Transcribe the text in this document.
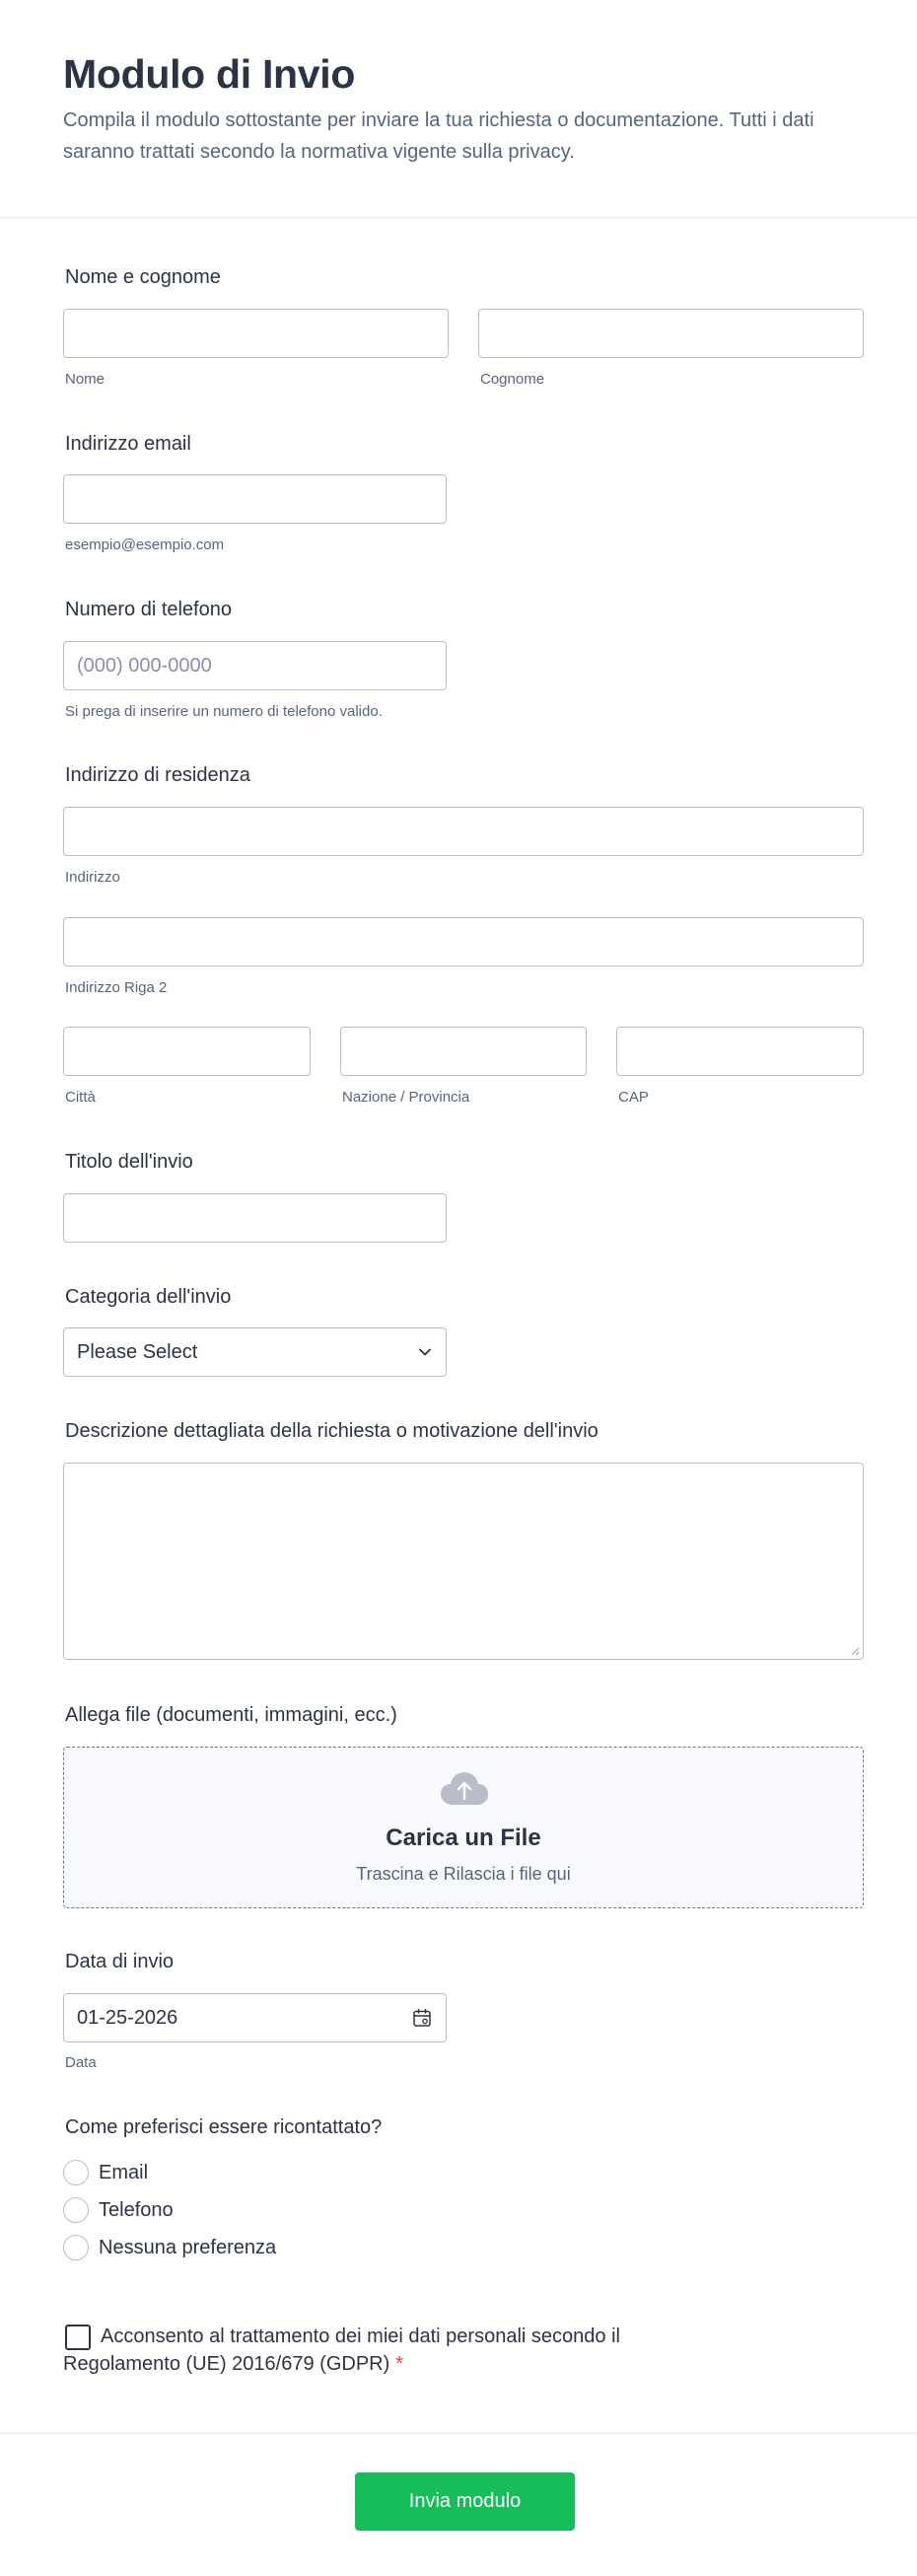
Modulo di Invio

Compila il modulo sottostante per inviare la tua richiesta o documentazione. Tutti i dati saranno trattati secondo la normativa vigente sulla privacy.

Nome e cognome
Nome	Cognome
Indirizzo email
esempio@esempio.com
Numero di telefono
(000) 000-0000
Si prega di inserire un numero di telefono valido.
Indirizzo di residenza
Indirizzo
Indirizzo Riga 2
Città	Nazione / Provincia	CAP
Titolo dell'invio
Categoria dell'invio
Please Select
Descrizione dettagliata della richiesta o motivazione dell'invio
Allega file (documenti, immagini, ecc.)
Carica un File
Trascina e Rilascia i file qui
Data di invio
01-25-2026
Data
Come preferisci essere ricontattato?
Email
Telefono
Nessuna preferenza
Acconsento al trattamento dei miei dati personali secondo il Regolamento (UE) 2016/679 (GDPR) *
Invia modulo
